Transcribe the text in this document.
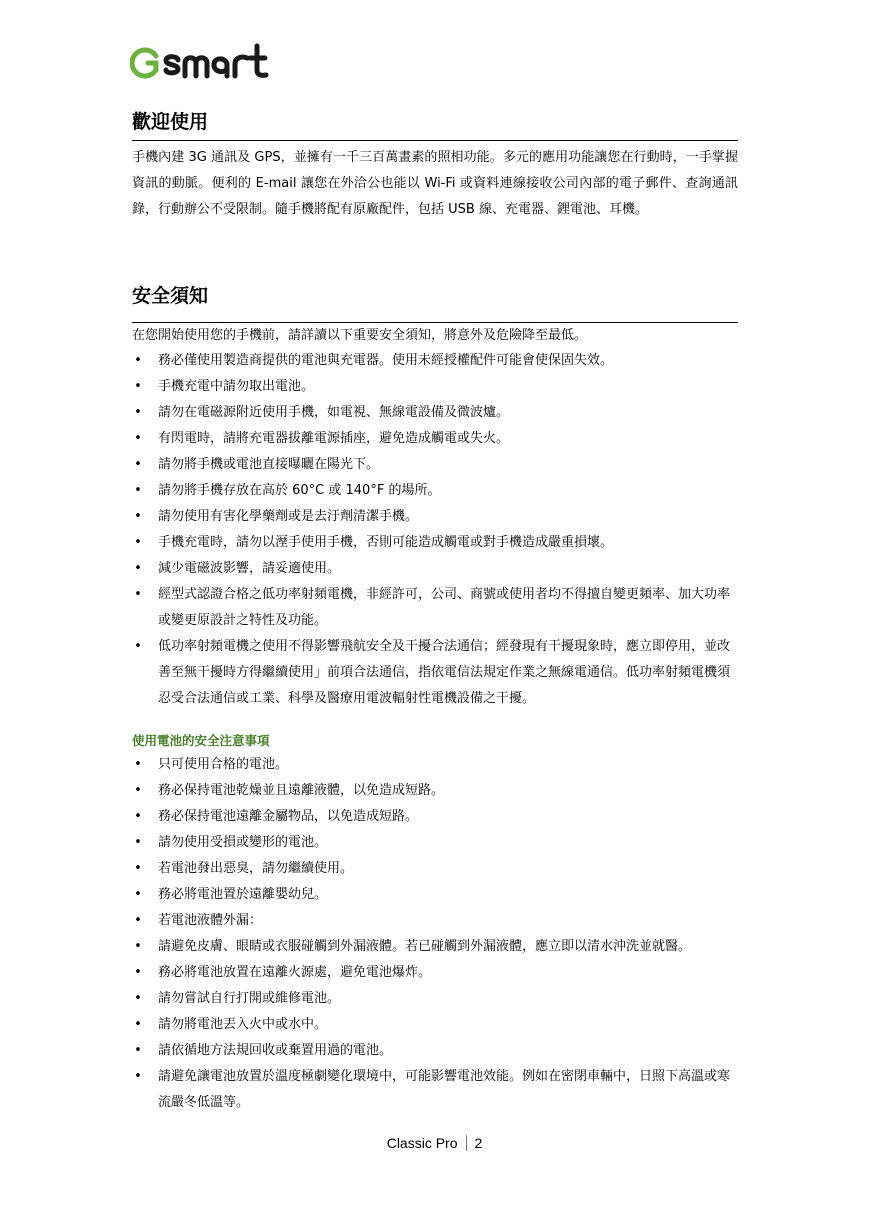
歡迎使用

手機內建 3G 通訊及 GPS，並擁有一千三百萬畫素的照相功能。多元的應用功能讓您在行動時，一手掌握資訊的動脈。便利的 E-mail 讓您在外洽公也能以 Wi-Fi 或資料連線接收公司內部的電子郵件、查詢通訊錄，行動辦公不受限制。隨手機將配有原廠配件，包括 USB 線、充電器、鋰電池、耳機。

安全須知

在您開始使用您的手機前，請詳讀以下重要安全須知，將意外及危險降至最低。

• 務必僅使用製造商提供的電池與充電器。使用未經授權配件可能會使保固失效。
• 手機充電中請勿取出電池。
• 請勿在電磁源附近使用手機，如電視、無線電設備及微波爐。
• 有閃電時，請將充電器拔離電源插座，避免造成觸電或失火。
• 請勿將手機或電池直接曝曬在陽光下。
• 請勿將手機存放在高於 60°C 或 140°F 的場所。
• 請勿使用有害化學藥劑或是去汙劑清潔手機。
• 手機充電時，請勿以溼手使用手機，否則可能造成觸電或對手機造成嚴重損壞。
• 減少電磁波影響，請妥適使用。
• 經型式認證合格之低功率射頻電機，非經許可，公司、商號或使用者均不得擅自變更頻率、加大功率或變更原設計之特性及功能。
• 低功率射頻電機之使用不得影響飛航安全及干擾合法通信；經發現有干擾現象時，應立即停用，並改善至無干擾時方得繼續使用」前項合法通信，指依電信法規定作業之無線電通信。低功率射頻電機須忍受合法通信或工業、科學及醫療用電波輻射性電機設備之干擾。
使用電池的安全注意事項
• 只可使用合格的電池。
• 務必保持電池乾燥並且遠離液體，以免造成短路。
• 務必保持電池遠離金屬物品，以免造成短路。
• 請勿使用受損或變形的電池。
• 若電池發出惡臭，請勿繼續使用。
• 務必將電池置於遠離嬰幼兒。
• 若電池液體外漏：
• 請避免皮膚、眼睛或衣服碰觸到外漏液體。若已碰觸到外漏液體，應立即以清水沖洗並就醫。
• 務必將電池放置在遠離火源處，避免電池爆炸。
• 請勿嘗試自行打開或維修電池。
• 請勿將電池丟入火中或水中。
• 請依循地方法規回收或棄置用過的電池。
• 請避免讓電池放置於溫度極劇變化環境中，可能影響電池效能。例如在密閉車輛中，日照下高溫或寒流嚴冬低溫等。
Classic Pro 2
